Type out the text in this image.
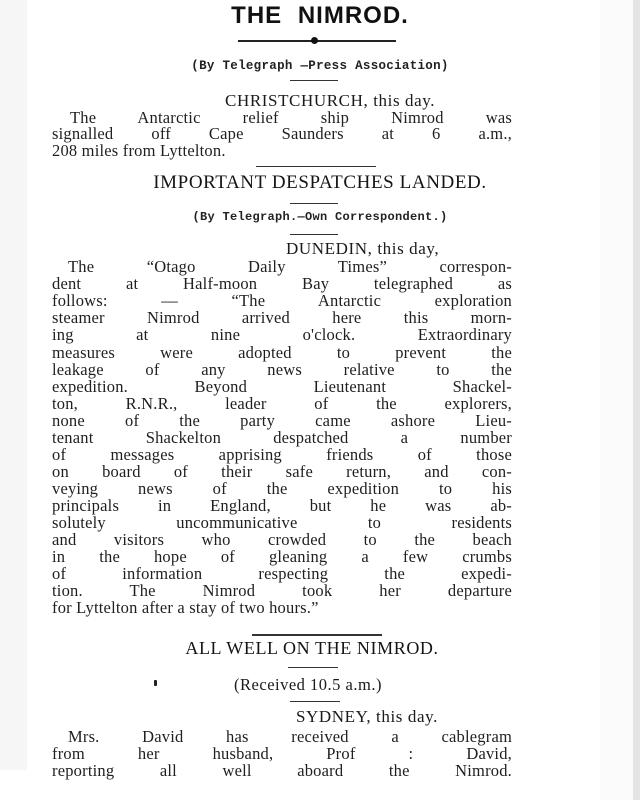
THE NIMROD.
(By Telegraph —Press Association)
CHRISTCHURCH, this day.
The Antarctic relief ship Nimrod was
signalled off Cape Saunders at 6 a.m.,
208 miles from Lyttelton.
IMPORTANT DESPATCHES LANDED.
(By Telegraph.—Own Correspondent.)
DUNEDIN, this day,
The “Otago Daily Times” correspon-
dent at Half-moon Bay telegraphed as
follows: — “The Antarctic exploration
steamer Nimrod arrived here this morn-
ing at nine o'clock. Extraordinary
measures were adopted to prevent the
leakage of any news relative to the
expedition. Beyond Lieutenant Shackel-
ton, R.N.R., leader of the explorers,
none of the party came ashore Lieu-
tenant Shackelton despatched a number
of messages apprising friends of those
on board of their safe return, and con-
veying news of the expedition to his
principals in England, but he was ab-
solutely uncommunicative to residents
and visitors who crowded to the beach
in the hope of gleaning a few crumbs
of information respecting the expedi-
tion. The Nimrod took her departure
for Lyttelton after a stay of two hours.”
ALL WELL ON THE NIMROD.
(Received 10.5 a.m.)
SYDNEY, this day.
Mrs. David has received a cablegram
from her husband, Prof : David,
reporting all well aboard the Nimrod.
